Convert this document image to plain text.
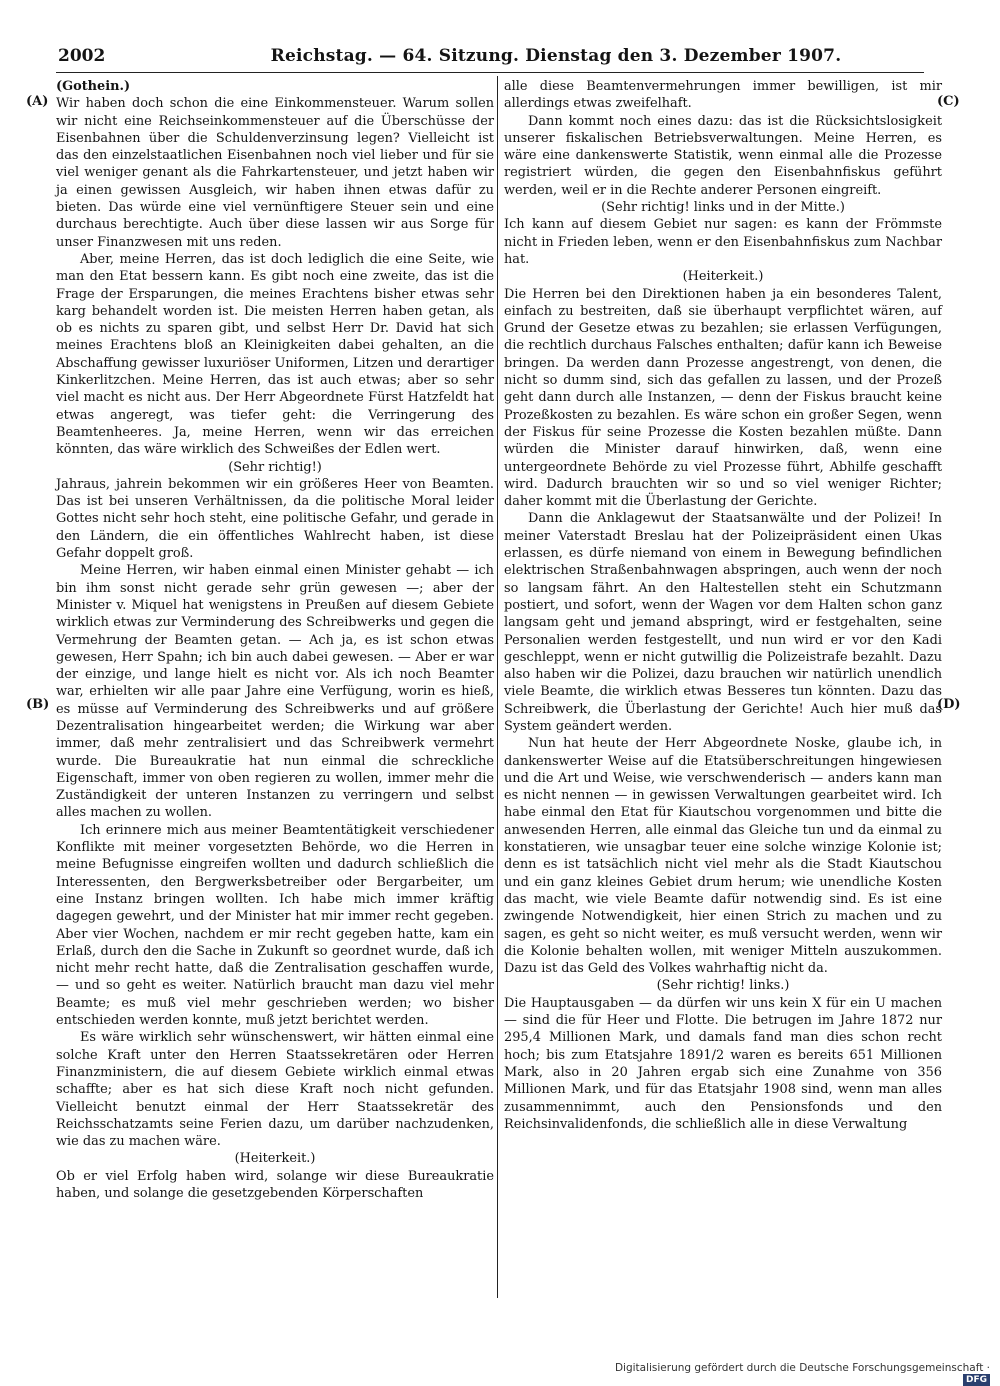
2002	Reichstag. — 64. Sitzung. Dienstag den 3. Dezember 1907.
(A)
(B)
(C)
(D)

(Gothein.)

Wir haben doch schon die eine Einkommensteuer. Warum sollen wir nicht eine Reichseinkommensteuer auf die Überschüsse der Eisenbahnen über die Schuldenverzinsung legen? Vielleicht ist das den einzelstaatlichen Eisenbahnen noch viel lieber und für sie viel weniger genant als die Fahrkartensteuer, und jetzt haben wir ja einen gewissen Ausgleich, wir haben ihnen etwas dafür zu bieten. Das würde eine viel vernünftigere Steuer sein und eine durchaus berechtigte. Auch über diese lassen wir aus Sorge für unser Finanzwesen mit uns reden.

Aber, meine Herren, das ist doch lediglich die eine Seite, wie man den Etat bessern kann. Es gibt noch eine zweite, das ist die Frage der Ersparungen, die meines Erachtens bisher etwas sehr karg behandelt worden ist. Die meisten Herren haben getan, als ob es nichts zu sparen gibt, und selbst Herr Dr. David hat sich meines Erachtens bloß an Kleinigkeiten dabei gehalten, an die Abschaffung gewisser luxuriöser Uniformen, Litzen und derartiger Kinkerlitzchen. Meine Herren, das ist auch etwas; aber so sehr viel macht es nicht aus. Der Herr Abgeordnete Fürst Hatzfeldt hat etwas angeregt, was tiefer geht: die Verringerung des Beamtenheeres. Ja, meine Herren, wenn wir das erreichen könnten, das wäre wirklich des Schweißes der Edlen wert.

(Sehr richtig!)

Jahraus, jahrein bekommen wir ein größeres Heer von Beamten. Das ist bei unseren Verhältnissen, da die politische Moral leider Gottes nicht sehr hoch steht, eine politische Gefahr, und gerade in den Ländern, die ein öffentliches Wahlrecht haben, ist diese Gefahr doppelt groß.

Meine Herren, wir haben einmal einen Minister gehabt — ich bin ihm sonst nicht gerade sehr grün gewesen —; aber der Minister v. Miquel hat wenigstens in Preußen auf diesem Gebiete wirklich etwas zur Verminderung des Schreibwerks und gegen die Vermehrung der Beamten getan. — Ach ja, es ist schon etwas gewesen, Herr Spahn; ich bin auch dabei gewesen. — Aber er war der einzige, und lange hielt es nicht vor. Als ich noch Beamter war, erhielten wir alle paar Jahre eine Verfügung, worin es hieß, es müsse auf Verminderung des Schreibwerks und auf größere Dezentralisation hingearbeitet werden; die Wirkung war aber immer, daß mehr zentralisiert und das Schreibwerk vermehrt wurde. Die Bureaukratie hat nun einmal die schreckliche Eigenschaft, immer von oben regieren zu wollen, immer mehr die Zuständigkeit der unteren Instanzen zu verringern und selbst alles machen zu wollen.

Ich erinnere mich aus meiner Beamtentätigkeit verschiedener Konflikte mit meiner vorgesetzten Behörde, wo die Herren in meine Befugnisse eingreifen wollten und dadurch schließlich die Interessenten, den Bergwerksbetreiber oder Bergarbeiter, um eine Instanz bringen wollten. Ich habe mich immer kräftig dagegen gewehrt, und der Minister hat mir immer recht gegeben. Aber vier Wochen, nachdem er mir recht gegeben hatte, kam ein Erlaß, durch den die Sache in Zukunft so geordnet wurde, daß ich nicht mehr recht hatte, daß die Zentralisation geschaffen wurde, — und so geht es weiter. Natürlich braucht man dazu viel mehr Beamte; es muß viel mehr geschrieben werden; wo bisher entschieden werden konnte, muß jetzt berichtet werden.

Es wäre wirklich sehr wünschenswert, wir hätten einmal eine solche Kraft unter den Herren Staatssekretären oder Herren Finanzministern, die auf diesem Gebiete wirklich einmal etwas schaffte; aber es hat sich diese Kraft noch nicht gefunden. Vielleicht benutzt einmal der Herr Staatssekretär des Reichsschatzamts seine Ferien dazu, um darüber nachzudenken, wie das zu machen wäre.

(Heiterkeit.)

Ob er viel Erfolg haben wird, solange wir diese Bureaukratie haben, und solange die gesetzgebenden Körperschaften

alle diese Beamtenvermehrungen immer bewilligen, ist mir allerdings etwas zweifelhaft.

Dann kommt noch eines dazu: das ist die Rücksichtslosigkeit unserer fiskalischen Betriebsverwaltungen. Meine Herren, es wäre eine dankenswerte Statistik, wenn einmal alle die Prozesse registriert würden, die gegen den Eisenbahnfiskus geführt werden, weil er in die Rechte anderer Personen eingreift.

(Sehr richtig! links und in der Mitte.)

Ich kann auf diesem Gebiet nur sagen: es kann der Frömmste nicht in Frieden leben, wenn er den Eisenbahnfiskus zum Nachbar hat.

(Heiterkeit.)

Die Herren bei den Direktionen haben ja ein besonderes Talent, einfach zu bestreiten, daß sie überhaupt verpflichtet wären, auf Grund der Gesetze etwas zu bezahlen; sie erlassen Verfügungen, die rechtlich durchaus Falsches enthalten; dafür kann ich Beweise bringen. Da werden dann Prozesse angestrengt, von denen, die nicht so dumm sind, sich das gefallen zu lassen, und der Prozeß geht dann durch alle Instanzen, — denn der Fiskus braucht keine Prozeßkosten zu bezahlen. Es wäre schon ein großer Segen, wenn der Fiskus für seine Prozesse die Kosten bezahlen müßte. Dann würden die Minister darauf hinwirken, daß, wenn eine untergeordnete Behörde zu viel Prozesse führt, Abhilfe geschafft wird. Dadurch brauchten wir so und so viel weniger Richter; daher kommt mit die Überlastung der Gerichte.

Dann die Anklagewut der Staatsanwälte und der Polizei! In meiner Vaterstadt Breslau hat der Polizeipräsident einen Ukas erlassen, es dürfe niemand von einem in Bewegung befindlichen elektrischen Straßenbahnwagen abspringen, auch wenn der noch so langsam fährt. An den Haltestellen steht ein Schutzmann postiert, und sofort, wenn der Wagen vor dem Halten schon ganz langsam geht und jemand abspringt, wird er festgehalten, seine Personalien werden festgestellt, und nun wird er vor den Kadi geschleppt, wenn er nicht gutwillig die Polizeistrafe bezahlt. Dazu also haben wir die Polizei, dazu brauchen wir natürlich unendlich viele Beamte, die wirklich etwas Besseres tun könnten. Dazu das Schreibwerk, die Überlastung der Gerichte! Auch hier muß das System geändert werden.

Nun hat heute der Herr Abgeordnete Noske, glaube ich, in dankenswerter Weise auf die Etatsüberschreitungen hingewiesen und die Art und Weise, wie verschwenderisch — anders kann man es nicht nennen — in gewissen Verwaltungen gearbeitet wird. Ich habe einmal den Etat für Kiautschou vorgenommen und bitte die anwesenden Herren, alle einmal das Gleiche tun und da einmal zu konstatieren, wie unsagbar teuer eine solche winzige Kolonie ist; denn es ist tatsächlich nicht viel mehr als die Stadt Kiautschou und ein ganz kleines Gebiet drum herum; wie unendliche Kosten das macht, wie viele Beamte dafür notwendig sind. Es ist eine zwingende Notwendigkeit, hier einen Strich zu machen und zu sagen, es geht so nicht weiter, es muß versucht werden, wenn wir die Kolonie behalten wollen, mit weniger Mitteln auszukommen. Dazu ist das Geld des Volkes wahrhaftig nicht da.

(Sehr richtig! links.)

Die Hauptausgaben — da dürfen wir uns kein X für ein U machen — sind die für Heer und Flotte. Die betrugen im Jahre 1872 nur 295,4 Millionen Mark, und damals fand man dies schon recht hoch; bis zum Etatsjahre 1891/2 waren es bereits 651 Millionen Mark, also in 20 Jahren ergab sich eine Zunahme von 356 Millionen Mark, und für das Etatsjahr 1908 sind, wenn man alles zusammennimmt, auch den Pensionsfonds und den Reichsinvalidenfonds, die schließlich alle in diese Verwaltung

Digitalisierung gefördert durch die Deutsche Forschungsgemeinschaft ·DFG
